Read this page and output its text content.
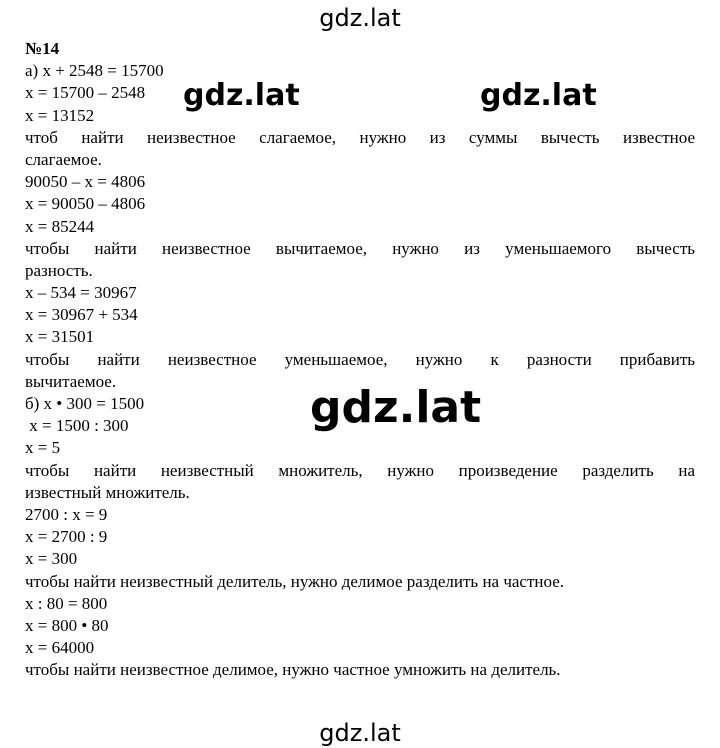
gdz.lat
gdz.lat	gdz.lat
gdz.lat
gdz.lat
№14
а) x + 2548 = 15700
x = 15700 – 2548
x = 13152
чтоб найти неизвестное слагаемое, нужно из суммы вычесть известное
слагаемое.
90050 – x = 4806
x = 90050 – 4806
x = 85244
чтобы найти неизвестное вычитаемое, нужно из уменьшаемого вычесть
разность.
x – 534 = 30967
x = 30967 + 534
x = 31501
чтобы найти неизвестное уменьшаемое, нужно к разности прибавить
вычитаемое.
б) x • 300 = 1500
x = 1500 : 300
x = 5
чтобы найти неизвестный множитель, нужно произведение разделить на
известный множитель.
2700 : x = 9
x = 2700 : 9
x = 300
чтобы найти неизвестный делитель, нужно делимое разделить на частное.
x : 80 = 800
x = 800 • 80
x = 64000
чтобы найти неизвестное делимое, нужно частное умножить на делитель.
